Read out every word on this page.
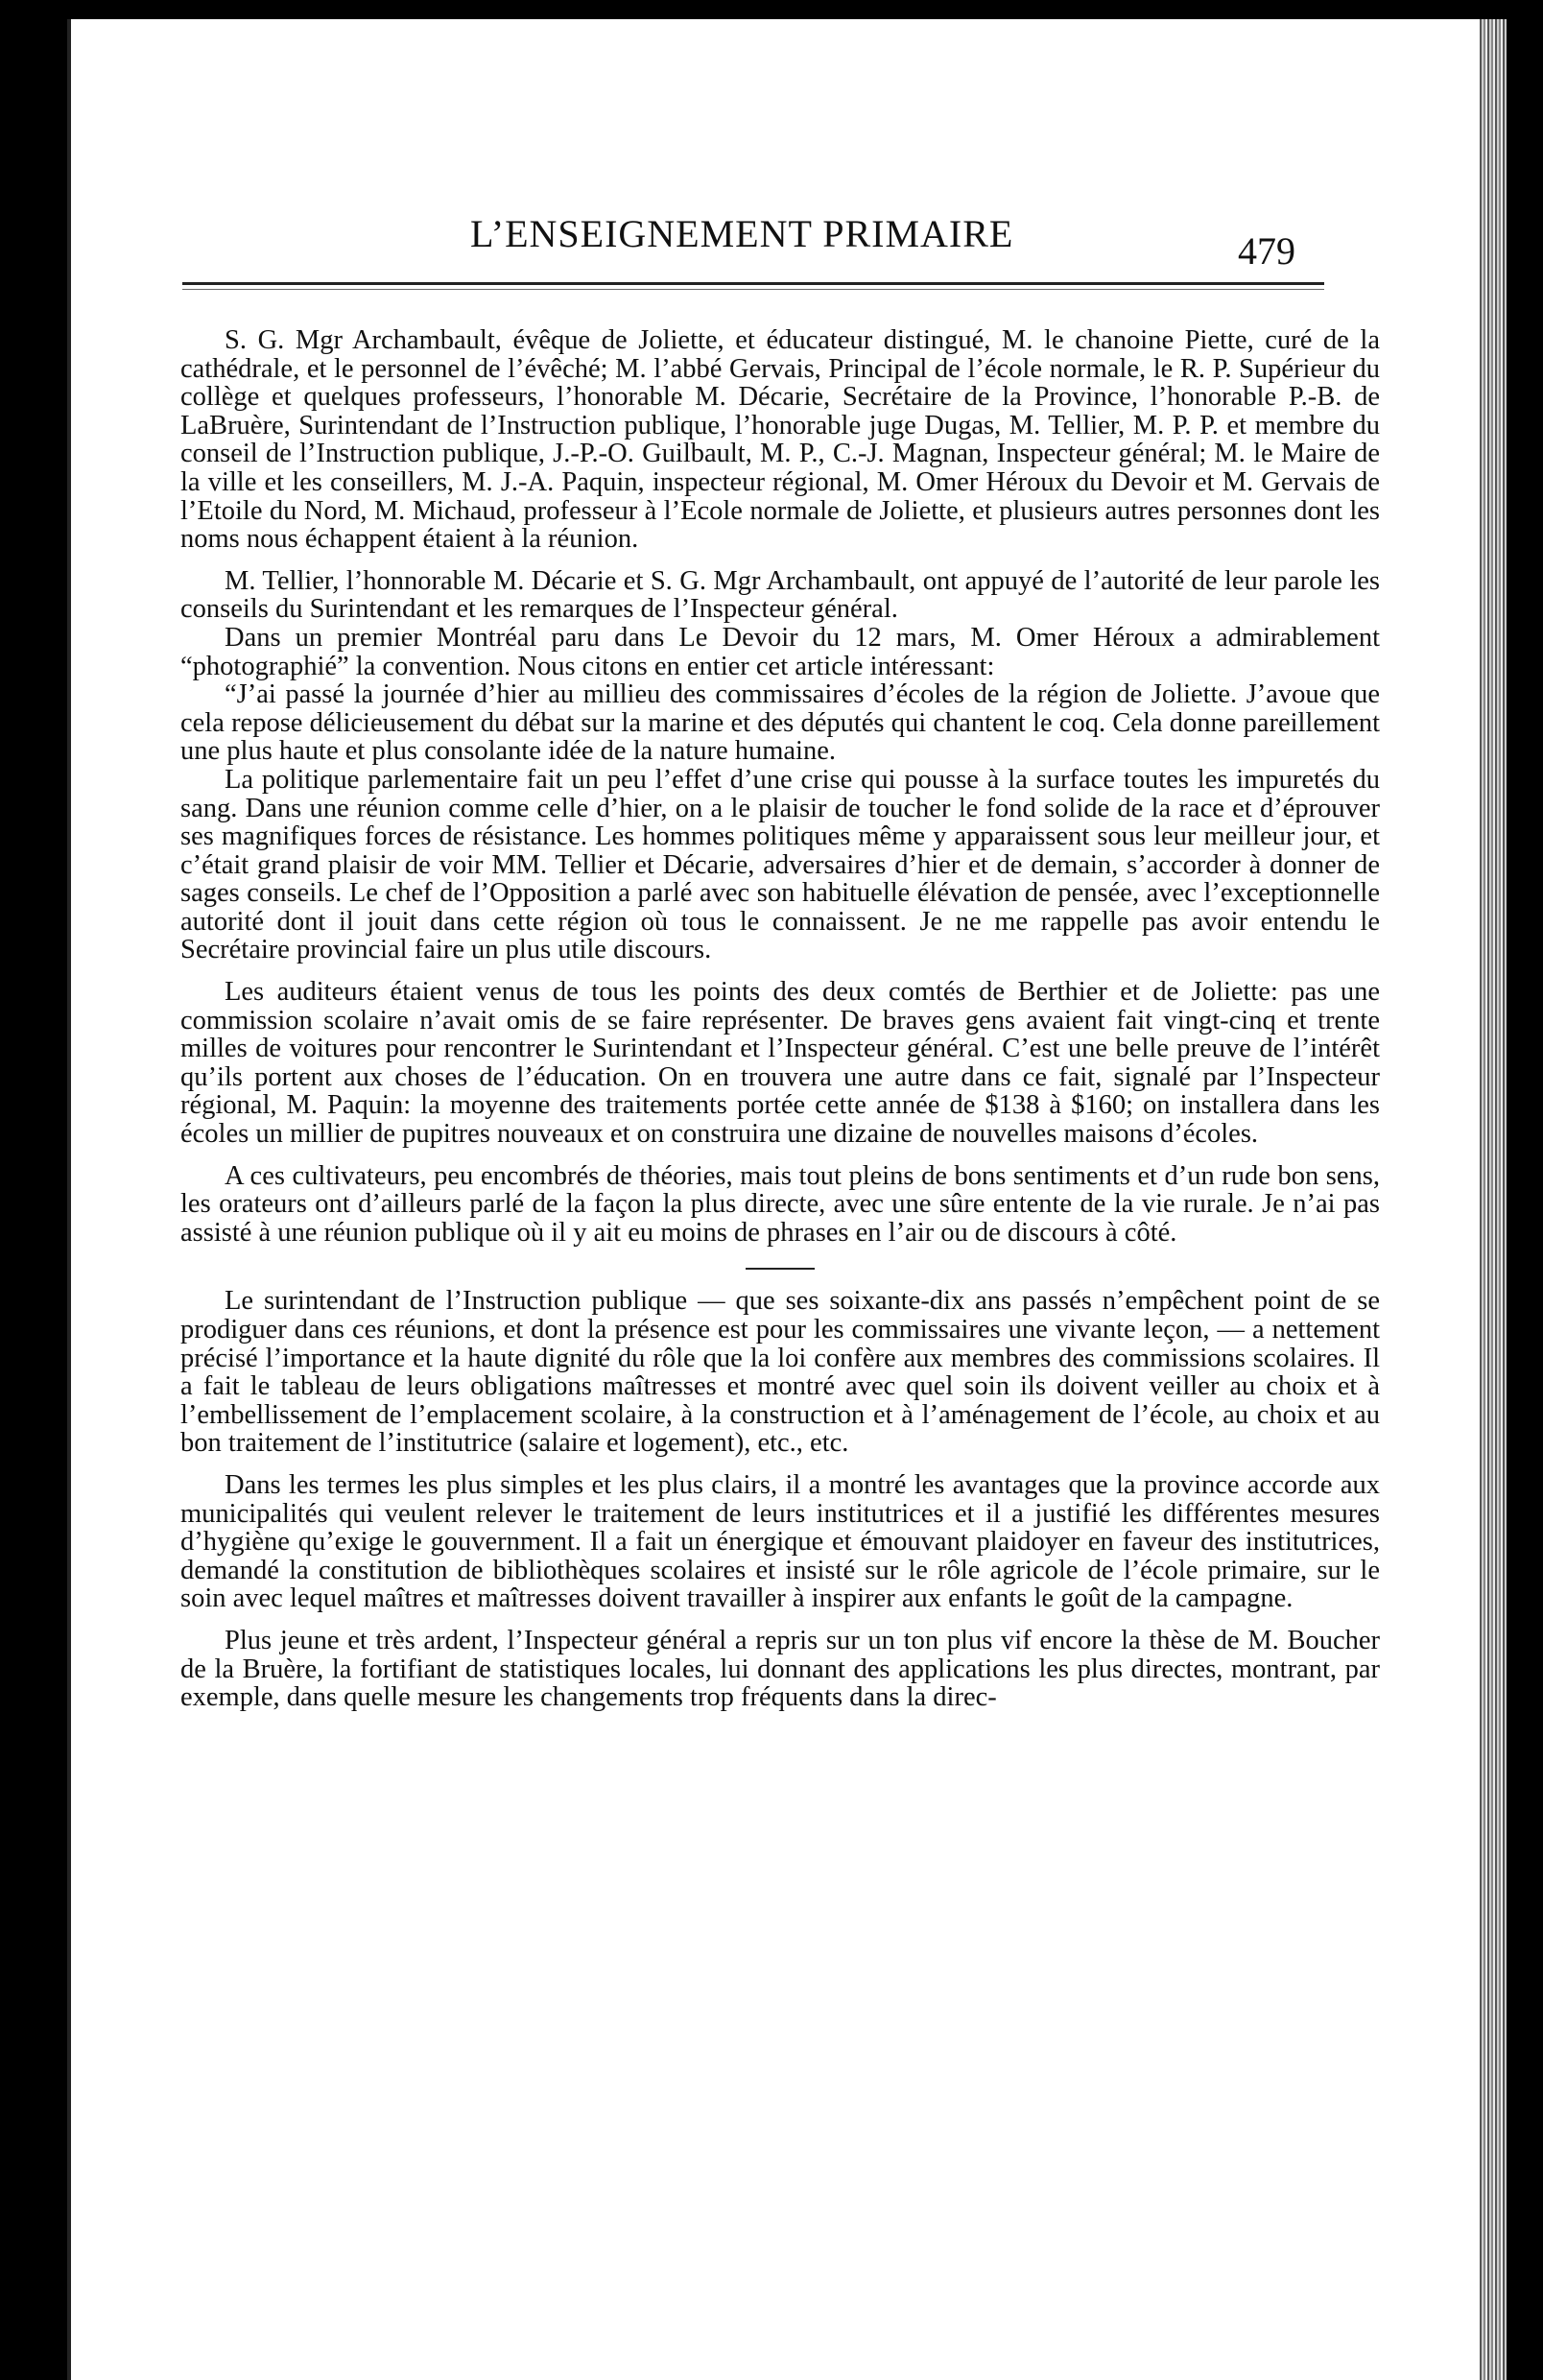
L’ENSEIGNEMENT PRIMAIRE	479

S. G. Mgr Archambault, évêque de Joliette, et éducateur distingué, M. le chanoine Piette, curé de la cathédrale, et le personnel de l’évêché; M. l’abbé Gervais, Principal de l’école normale, le R. P. Supérieur du collège et quelques professeurs, l’honorable M. Décarie, Secrétaire de la Province, l’honorable P.-B. de LaBruère, Surintendant de l’Instruction publique, l’honorable juge Dugas, M. Tellier, M. P. P. et membre du conseil de l’Instruction publique, J.-P.-O. Guilbault, M. P., C.-J. Magnan, Inspecteur général; M. le Maire de la ville et les conseillers, M. J.-A. Paquin, inspecteur régional, M. Omer Héroux du Devoir et M. Gervais de l’Etoile du Nord, M. Michaud, professeur à l’Ecole normale de Joliette, et plusieurs autres personnes dont les noms nous échappent étaient à la réunion.

M. Tellier, l’honnorable M. Décarie et S. G. Mgr Archambault, ont appuyé de l’autorité de leur parole les conseils du Surintendant et les remarques de l’Inspecteur général.

Dans un premier Montréal paru dans Le Devoir du 12 mars, M. Omer Héroux a admirablement “photographié” la convention. Nous citons en entier cet article intéressant:

“J’ai passé la journée d’hier au millieu des commissaires d’écoles de la région de Joliette. J’avoue que cela repose délicieusement du débat sur la marine et des députés qui chantent le coq. Cela donne pareillement une plus haute et plus consolante idée de la nature humaine.

La politique parlementaire fait un peu l’effet d’une crise qui pousse à la surface toutes les impuretés du sang. Dans une réunion comme celle d’hier, on a le plaisir de toucher le fond solide de la race et d’éprouver ses magnifiques forces de résistance. Les hommes politiques même y apparaissent sous leur meilleur jour, et c’était grand plaisir de voir MM. Tellier et Décarie, adversaires d’hier et de demain, s’accorder à donner de sages conseils. Le chef de l’Opposition a parlé avec son habituelle élévation de pensée, avec l’exceptionnelle autorité dont il jouit dans cette région où tous le connaissent. Je ne me rappelle pas avoir entendu le Secrétaire provincial faire un plus utile discours.

Les auditeurs étaient venus de tous les points des deux comtés de Berthier et de Joliette: pas une commission scolaire n’avait omis de se faire représenter. De braves gens avaient fait vingt-cinq et trente milles de voitures pour rencontrer le Surintendant et l’Inspecteur général. C’est une belle preuve de l’intérêt qu’ils portent aux choses de l’éducation. On en trouvera une autre dans ce fait, signalé par l’Inspecteur régional, M. Paquin: la moyenne des traitements portée cette année de $138 à $160; on installera dans les écoles un millier de pupitres nouveaux et on construira une dizaine de nouvelles maisons d’écoles.

A ces cultivateurs, peu encombrés de théories, mais tout pleins de bons sentiments et d’un rude bon sens, les orateurs ont d’ailleurs parlé de la façon la plus directe, avec une sûre entente de la vie rurale. Je n’ai pas assisté à une réunion publique où il y ait eu moins de phrases en l’air ou de discours à côté.

Le surintendant de l’Instruction publique — que ses soixante-dix ans passés n’empêchent point de se prodiguer dans ces réunions, et dont la présence est pour les commissaires une vivante leçon, — a nettement précisé l’importance et la haute dignité du rôle que la loi confère aux membres des commissions scolaires. Il a fait le tableau de leurs obligations maîtresses et montré avec quel soin ils doivent veiller au choix et à l’embellissement de l’emplacement scolaire, à la construction et à l’aménagement de l’école, au choix et au bon traitement de l’institutrice (salaire et logement), etc., etc.

Dans les termes les plus simples et les plus clairs, il a montré les avantages que la province accorde aux municipalités qui veulent relever le traitement de leurs institutrices et il a justifié les différentes mesures d’hygiène qu’exige le gouvernment. Il a fait un énergique et émouvant plaidoyer en faveur des institutrices, demandé la constitution de bibliothèques scolaires et insisté sur le rôle agricole de l’école primaire, sur le soin avec lequel maîtres et maîtresses doivent travailler à inspirer aux enfants le goût de la campagne.

Plus jeune et très ardent, l’Inspecteur général a repris sur un ton plus vif encore la thèse de M. Boucher de la Bruère, la fortifiant de statistiques locales, lui donnant des applications les plus directes, montrant, par exemple, dans quelle mesure les changements trop fréquents dans la direc-
